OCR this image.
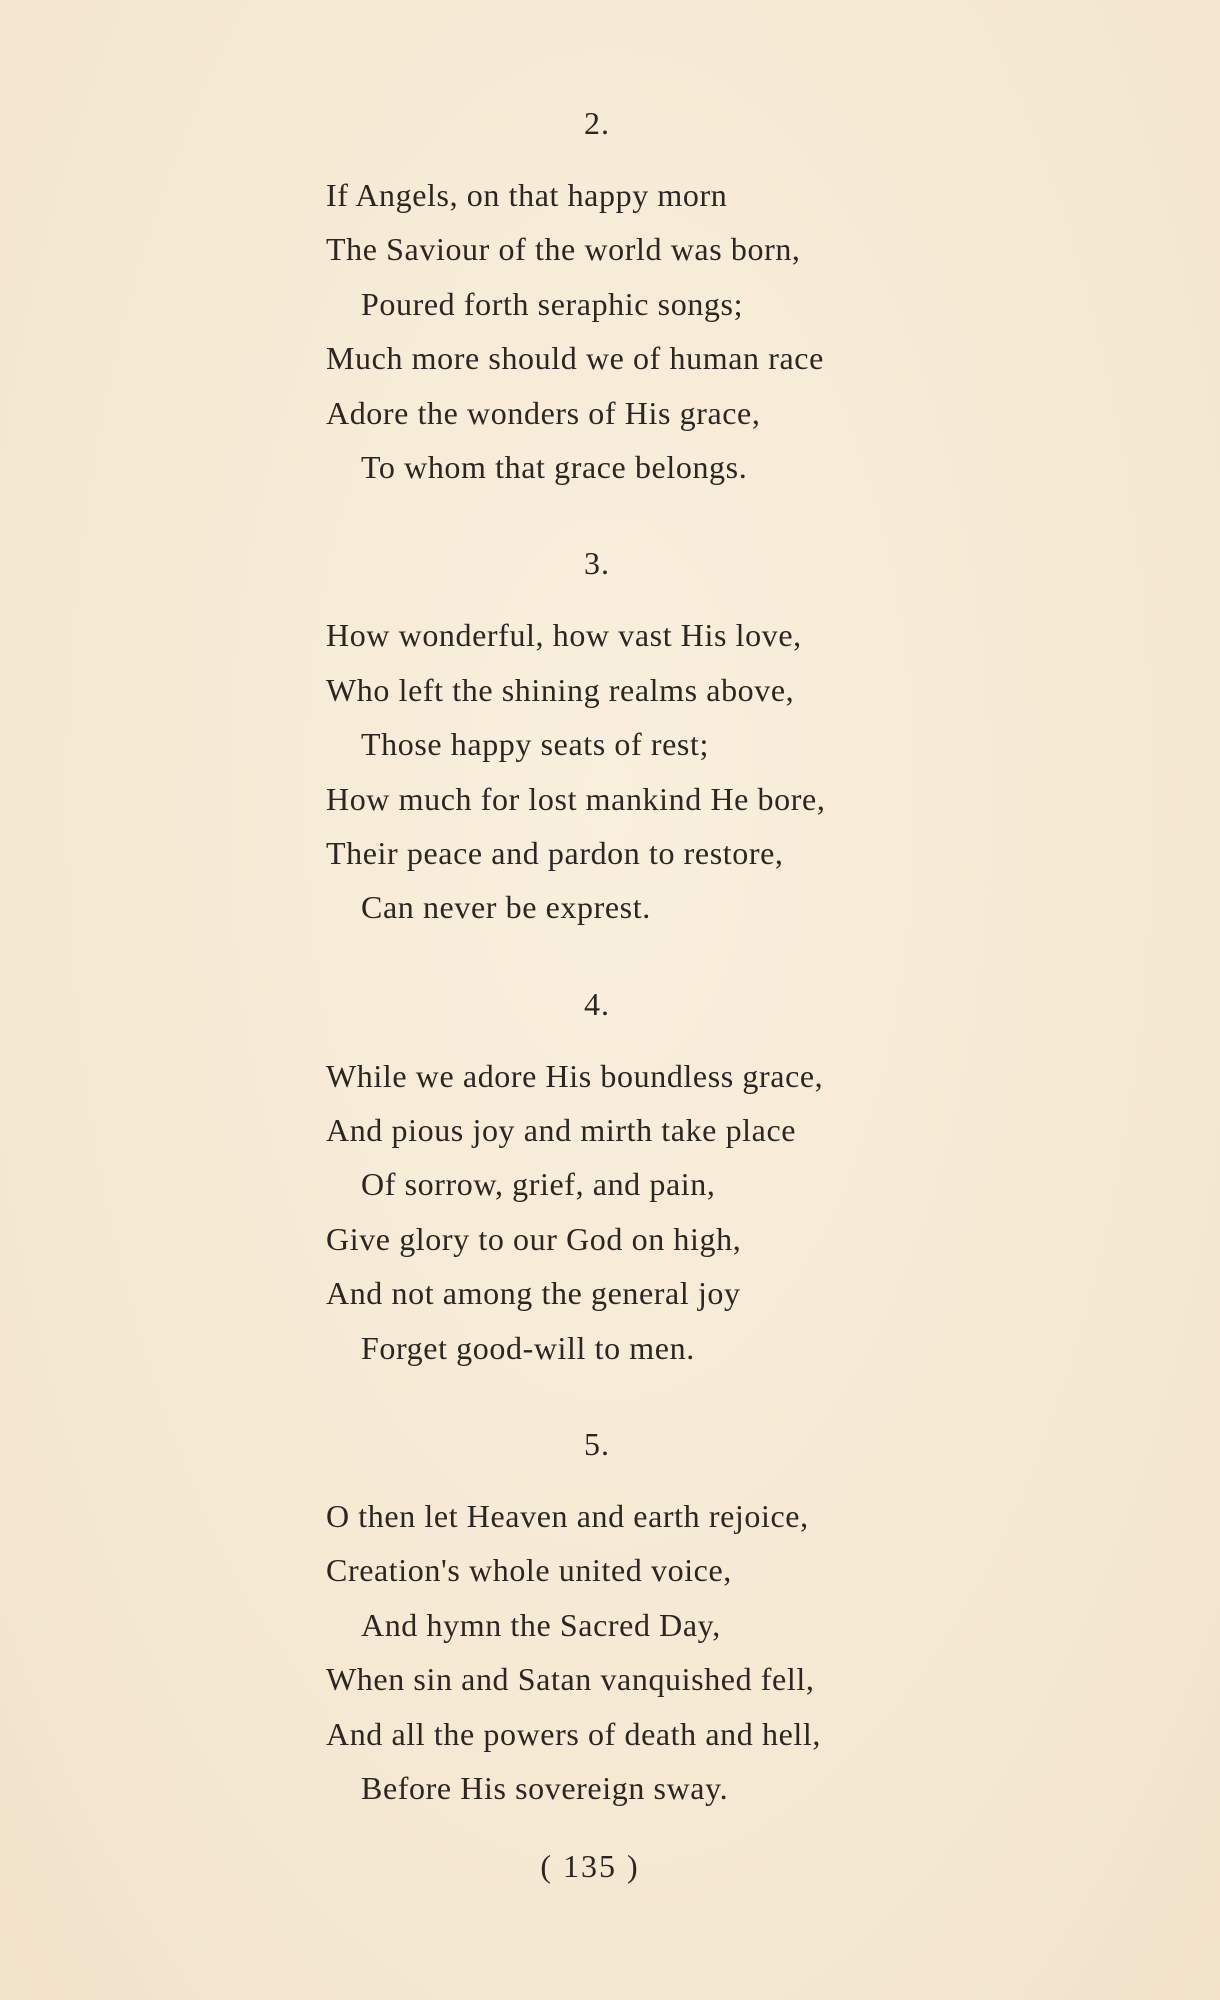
2.
If Angels, on that happy morn
The Saviour of the world was born,
Poured forth seraphic songs;
Much more should we of human race
Adore the wonders of His grace,
To whom that grace belongs.
3.
How wonderful, how vast His love,
Who left the shining realms above,
Those happy seats of rest;
How much for lost mankind He bore,
Their peace and pardon to restore,
Can never be exprest.
4.
While we adore His boundless grace,
And pious joy and mirth take place
Of sorrow, grief, and pain,
Give glory to our God on high,
And not among the general joy
Forget good-will to men.
5.
O then let Heaven and earth rejoice,
Creation's whole united voice,
And hymn the Sacred Day,
When sin and Satan vanquished fell,
And all the powers of death and hell,
Before His sovereign sway.
( 135 )
